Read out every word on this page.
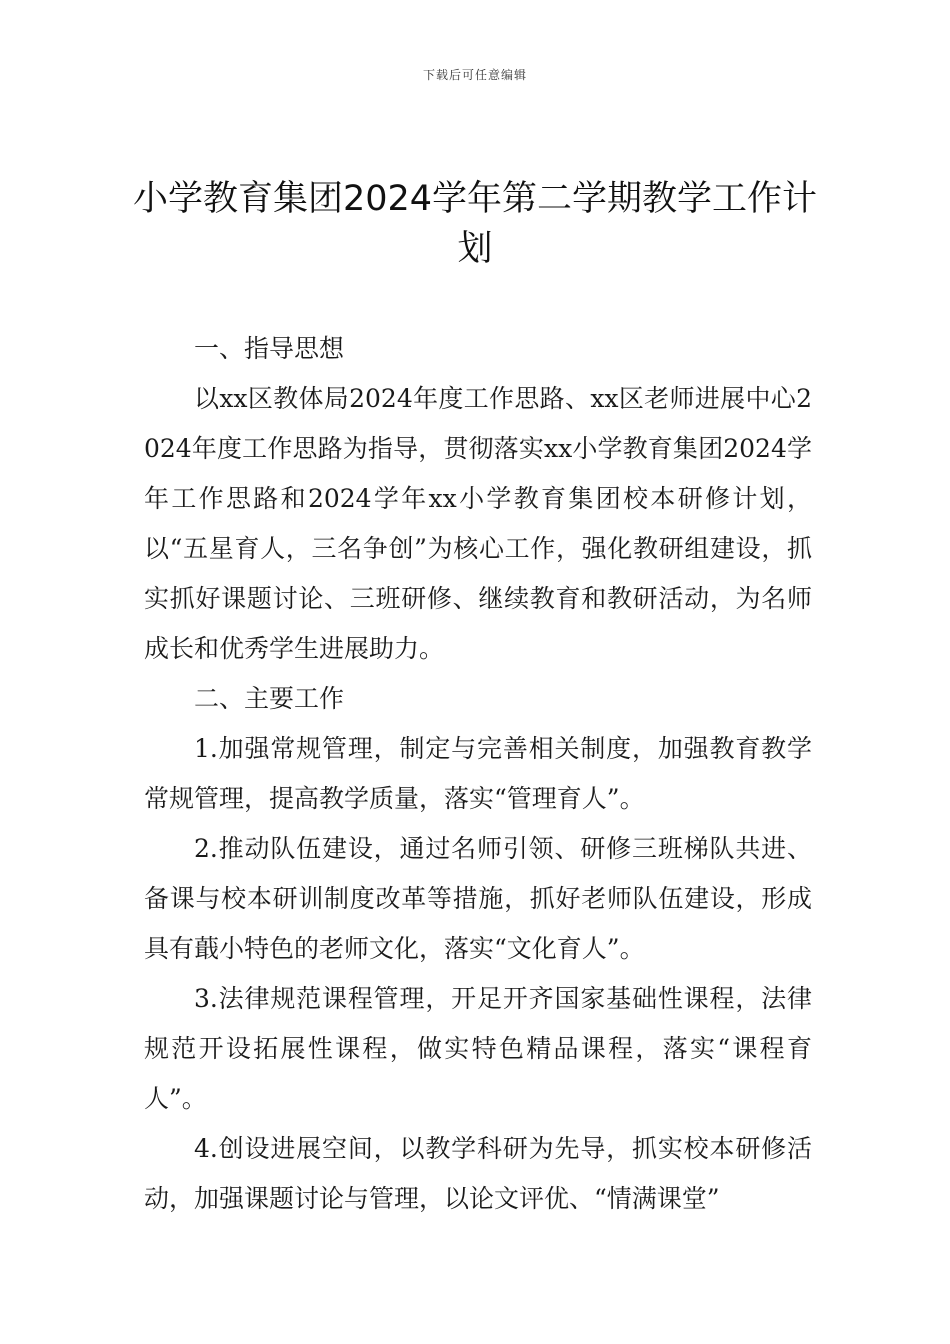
下载后可任意编辑
小学教育集团2024学年第二学期教学工作计划

一、指导思想

以xx区教体局2024年度工作思路、xx区老师进展中心2024年度工作思路为指导，贯彻落实xx小学教育集团2024学年工作思路和2024学年xx小学教育集团校本研修计划，以“五星育人，三名争创”为核心工作，强化教研组建设，抓实抓好课题讨论、三班研修、继续教育和教研活动，为名师成长和优秀学生进展助力。

二、主要工作

1.加强常规管理，制定与完善相关制度，加强教育教学常规管理，提高教学质量，落实“管理育人”。

2.推动队伍建设，通过名师引领、研修三班梯队共进、备课与校本研训制度改革等措施，抓好老师队伍建设，形成具有蕺小特色的老师文化，落实“文化育人”。

3.法律规范课程管理，开足开齐国家基础性课程，法律规范开设拓展性课程，做实特色精品课程，落实“课程育人”。

4.创设进展空间，以教学科研为先导，抓实校本研修活动，加强课题讨论与管理，以论文评优、“情满课堂”
